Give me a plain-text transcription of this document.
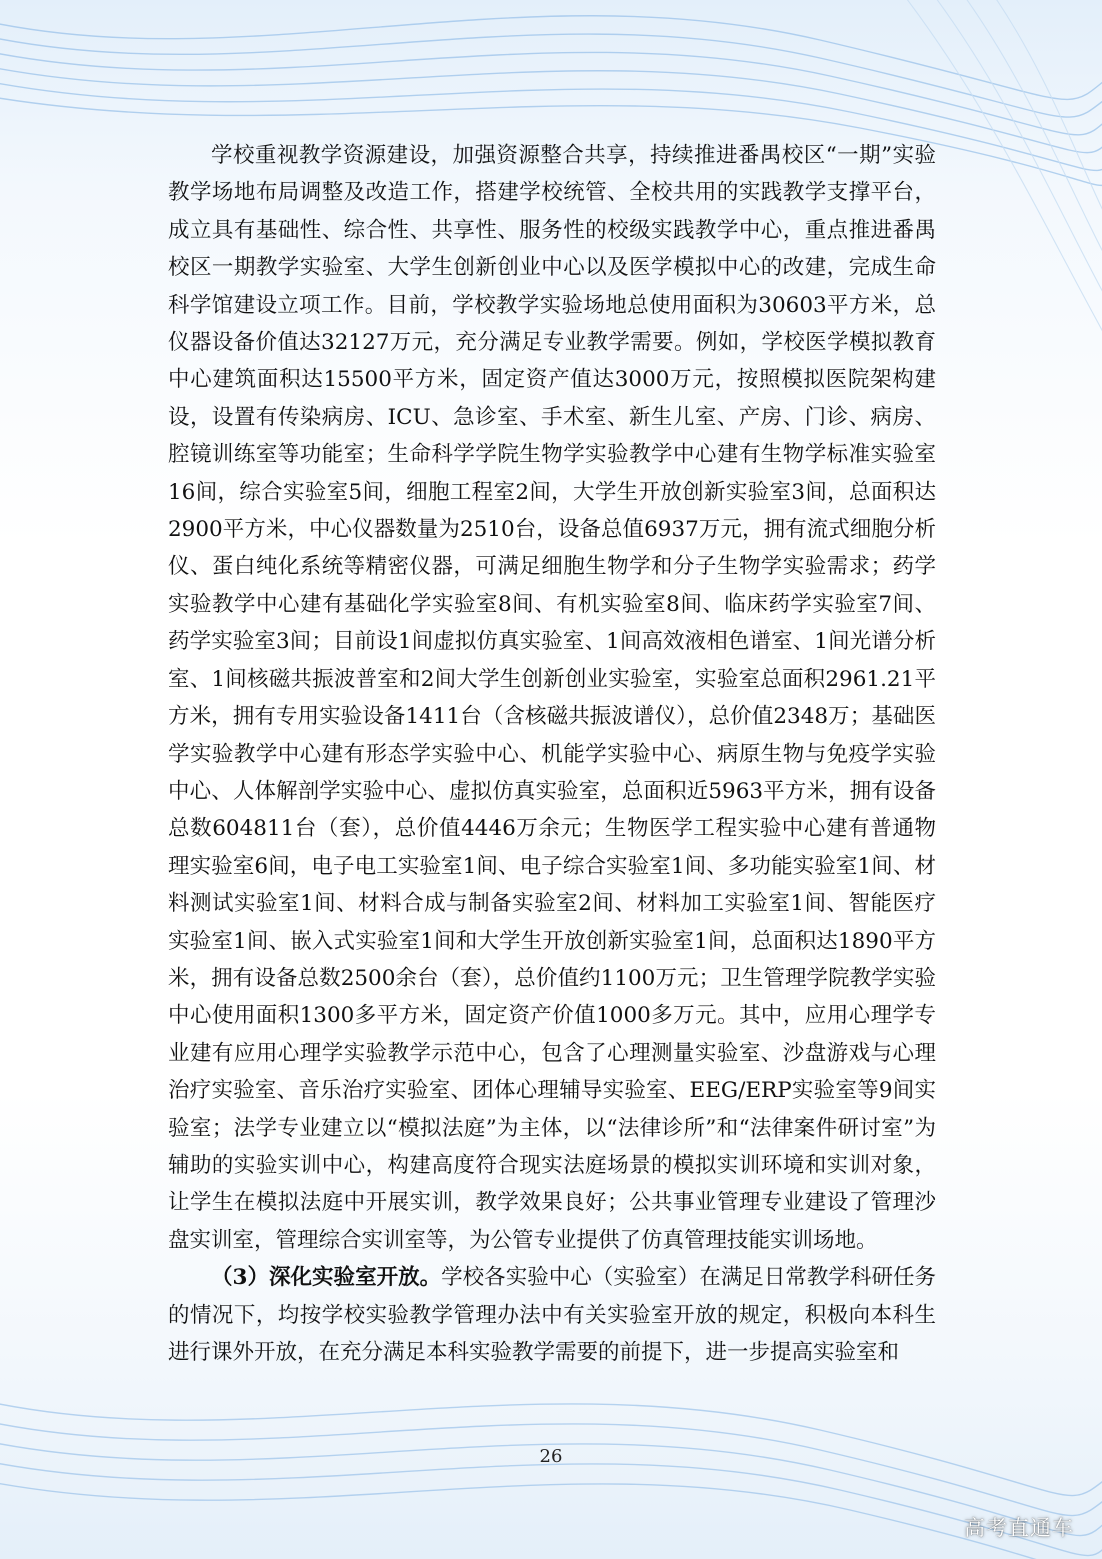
学校重视教学资源建设，加强资源整合共享，持续推进番禺校区“一期”实验教学场地布局调整及改造工作，搭建学校统管、全校共用的实践教学支撑平台，成立具有基础性、综合性、共享性、服务性的校级实践教学中心，重点推进番禺校区一期教学实验室、大学生创新创业中心以及医学模拟中心的改建，完成生命科学馆建设立项工作。目前，学校教学实验场地总使用面积为30603平方米，总仪器设备价值达32127万元，充分满足专业教学需要。例如，学校医学模拟教育中心建筑面积达15500平方米，固定资产值达3000万元，按照模拟医院架构建设，设置有传染病房、ICU、急诊室、手术室、新生儿室、产房、门诊、病房、腔镜训练室等功能室；生命科学学院生物学实验教学中心建有生物学标准实验室16间，综合实验室5间，细胞工程室2间，大学生开放创新实验室3间，总面积达2900平方米，中心仪器数量为2510台，设备总值6937万元，拥有流式细胞分析仪、蛋白纯化系统等精密仪器，可满足细胞生物学和分子生物学实验需求；药学实验教学中心建有基础化学实验室8间、有机实验室8间、临床药学实验室7间、药学实验室3间；目前设1间虚拟仿真实验室、1间高效液相色谱室、1间光谱分析室、1间核磁共振波普室和2间大学生创新创业实验室，实验室总面积2961.21平方米，拥有专用实验设备1411台（含核磁共振波谱仪），总价值2348万；基础医学实验教学中心建有形态学实验中心、机能学实验中心、病原生物与免疫学实验中心、人体解剖学实验中心、虚拟仿真实验室，总面积近5963平方米，拥有设备总数604811台（套），总价值4446万余元；生物医学工程实验中心建有普通物理实验室6间，电子电工实验室1间、电子综合实验室1间、多功能实验室1间、材料测试实验室1间、材料合成与制备实验室2间、材料加工实验室1间、智能医疗实验室1间、嵌入式实验室1间和大学生开放创新实验室1间，总面积达1890平方米，拥有设备总数2500余台（套），总价值约1100万元；卫生管理学院教学实验中心使用面积1300多平方米，固定资产价值1000多万元。其中，应用心理学专业建有应用心理学实验教学示范中心，包含了心理测量实验室、沙盘游戏与心理治疗实验室、音乐治疗实验室、团体心理辅导实验室、EEG/ERP实验室等9间实验室；法学专业建立以“模拟法庭”为主体，以“法律诊所”和“法律案件研讨室”为辅助的实验实训中心，构建高度符合现实法庭场景的模拟实训环境和实训对象，让学生在模拟法庭中开展实训，教学效果良好；公共事业管理专业建设了管理沙盘实训室，管理综合实训室等，为公管专业提供了仿真管理技能实训场地。

（3）深化实验室开放。学校各实验中心（实验室）在满足日常教学科研任务的情况下，均按学校实验教学管理办法中有关实验室开放的规定，积极向本科生进行课外开放，在充分满足本科实验教学需要的前提下，进一步提高实验室和

26
高考直通车
